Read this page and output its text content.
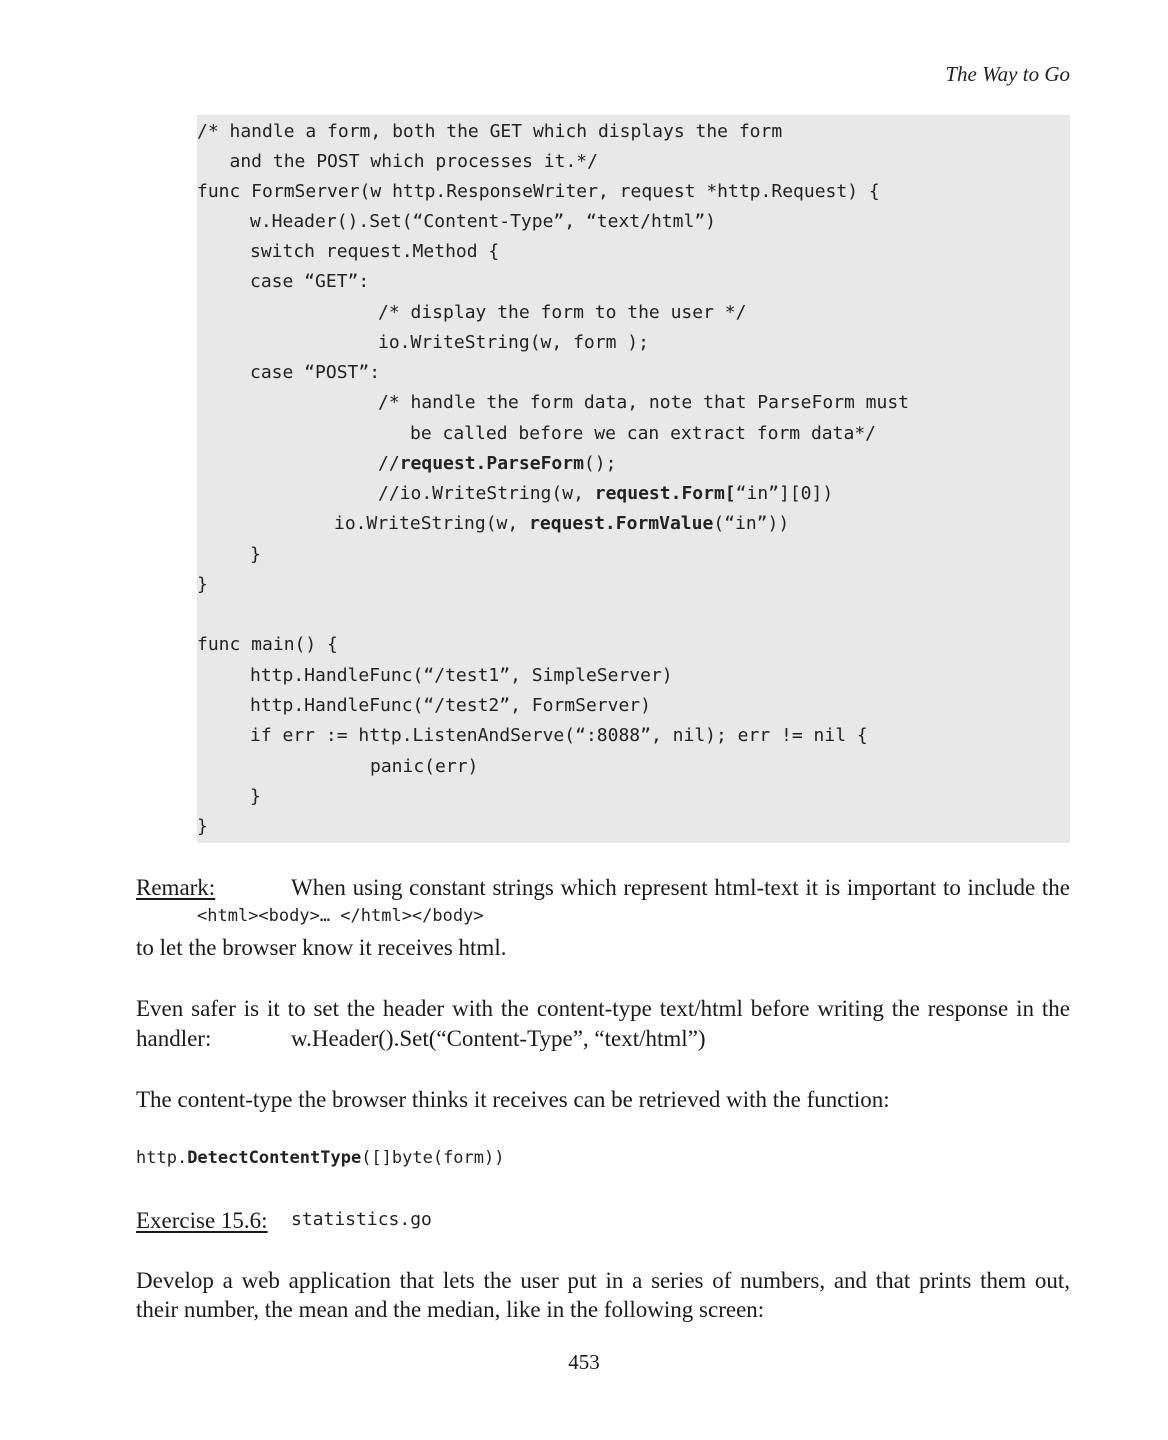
The Way to Go
/* handle a form, both the GET which displays the form
and the POST which processes it.*/
func FormServer(w http.ResponseWriter, request *http.Request) {
w.Header().Set(“Content-Type”, “text/html”)
switch request.Method {
case “GET”:
/* display the form to the user */
io.WriteString(w, form );
case “POST”:
/* handle the form data, note that ParseForm must
be called before we can extract form data*/
//request.ParseForm();
//io.WriteString(w, request.Form[“in”][0])
io.WriteString(w, request.FormValue(“in”))
}
}
func main() {
http.HandleFunc(“/test1”, SimpleServer)
http.HandleFunc(“/test2”, FormServer)
if err := http.ListenAndServe(“:8088”, nil); err != nil {
panic(err)
}
}
Remark:	When using constant strings which represent html-text it is important to include the
<html><body>… </html></body>
to let the browser know it receives html.
Even safer is it to set the header with the content-type text/html before writing the response in the
handler:	w.Header().Set(“Content-Type”, “text/html”)
The content-type the browser thinks it receives can be retrieved with the function:
http.DetectContentType([]byte(form))
Exercise 15.6: statistics.go
Develop a web application that lets the user put in a series of numbers, and that prints them out,
their number, the mean and the median, like in the following screen:
453
